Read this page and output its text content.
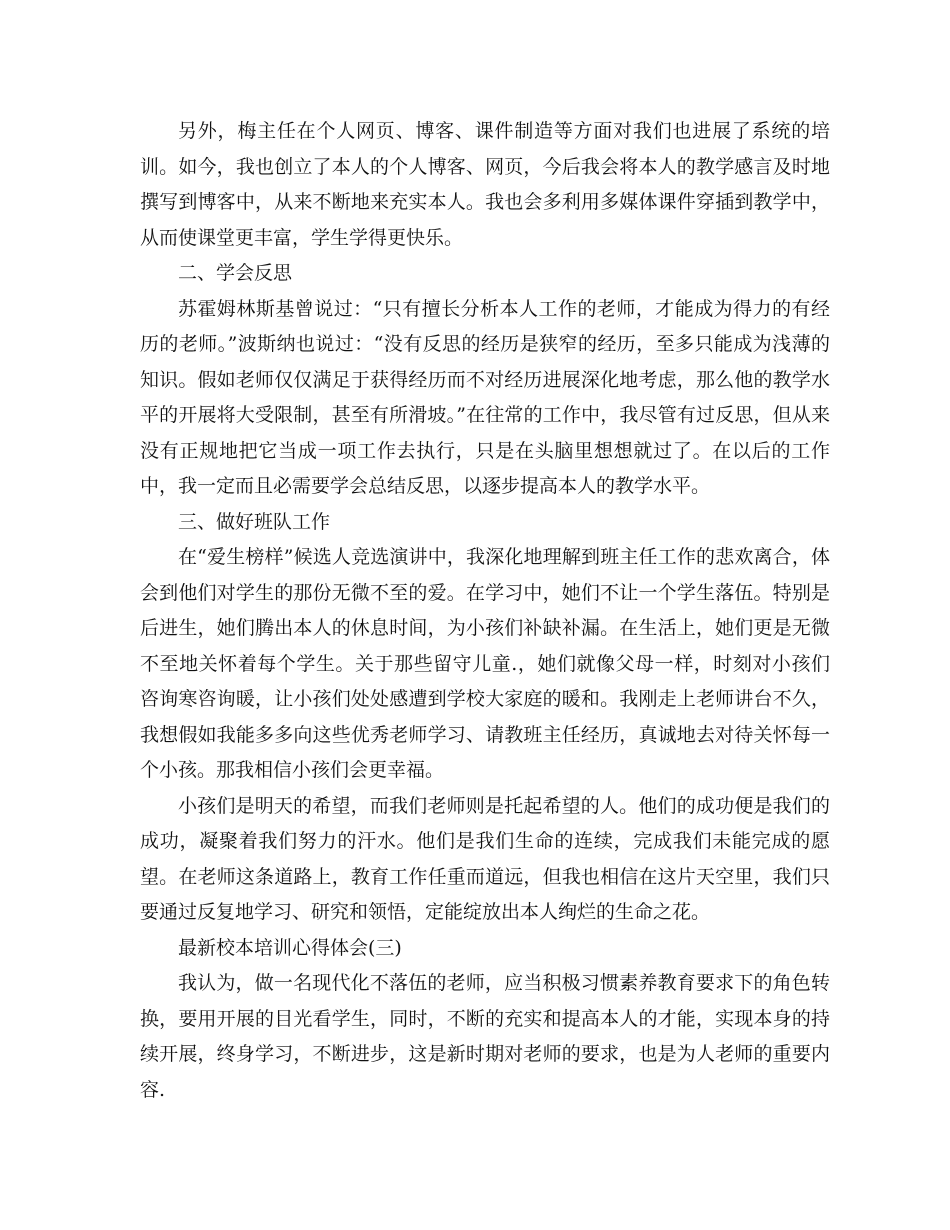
另外，梅主任在个人网页、博客、课件制造等方面对我们也进展了系统的培训。如今，我也创立了本人的个人博客、网页，今后我会将本人的教学感言及时地撰写到博客中，从来不断地来充实本人。我也会多利用多媒体课件穿插到教学中，从而使课堂更丰富，学生学得更快乐。

二、学会反思

苏霍姆林斯基曾说过：“只有擅长分析本人工作的老师，才能成为得力的有经历的老师。”波斯纳也说过：“没有反思的经历是狭窄的经历，至多只能成为浅薄的知识。假如老师仅仅满足于获得经历而不对经历进展深化地考虑，那么他的教学水平的开展将大受限制，甚至有所滑坡。”在往常的工作中，我尽管有过反思，但从来没有正规地把它当成一项工作去执行，只是在头脑里想想就过了。在以后的工作中，我一定而且必需要学会总结反思，以逐步提高本人的教学水平。

三、做好班队工作

在“爱生榜样”候选人竞选演讲中，我深化地理解到班主任工作的悲欢离合，体会到他们对学生的那份无微不至的爱。在学习中，她们不让一个学生落伍。特别是后进生，她们腾出本人的休息时间，为小孩们补缺补漏。在生活上，她们更是无微不至地关怀着每个学生。关于那些留守儿童.，她们就像父母一样，时刻对小孩们咨询寒咨询暖，让小孩们处处感遭到学校大家庭的暖和。我刚走上老师讲台不久，我想假如我能多多向这些优秀老师学习、请教班主任经历，真诚地去对待关怀每一个小孩。那我相信小孩们会更幸福。

小孩们是明天的希望，而我们老师则是托起希望的人。他们的成功便是我们的成功，凝聚着我们努力的汗水。他们是我们生命的连续，完成我们未能完成的愿望。在老师这条道路上，教育工作任重而道远，但我也相信在这片天空里，我们只要通过反复地学习、研究和领悟，定能绽放出本人绚烂的生命之花。

最新校本培训心得体会(三)

我认为，做一名现代化不落伍的老师，应当积极习惯素养教育要求下的角色转换，要用开展的目光看学生，同时，不断的充实和提高本人的才能，实现本身的持续开展，终身学习，不断进步，这是新时期对老师的要求，也是为人老师的重要内容.
